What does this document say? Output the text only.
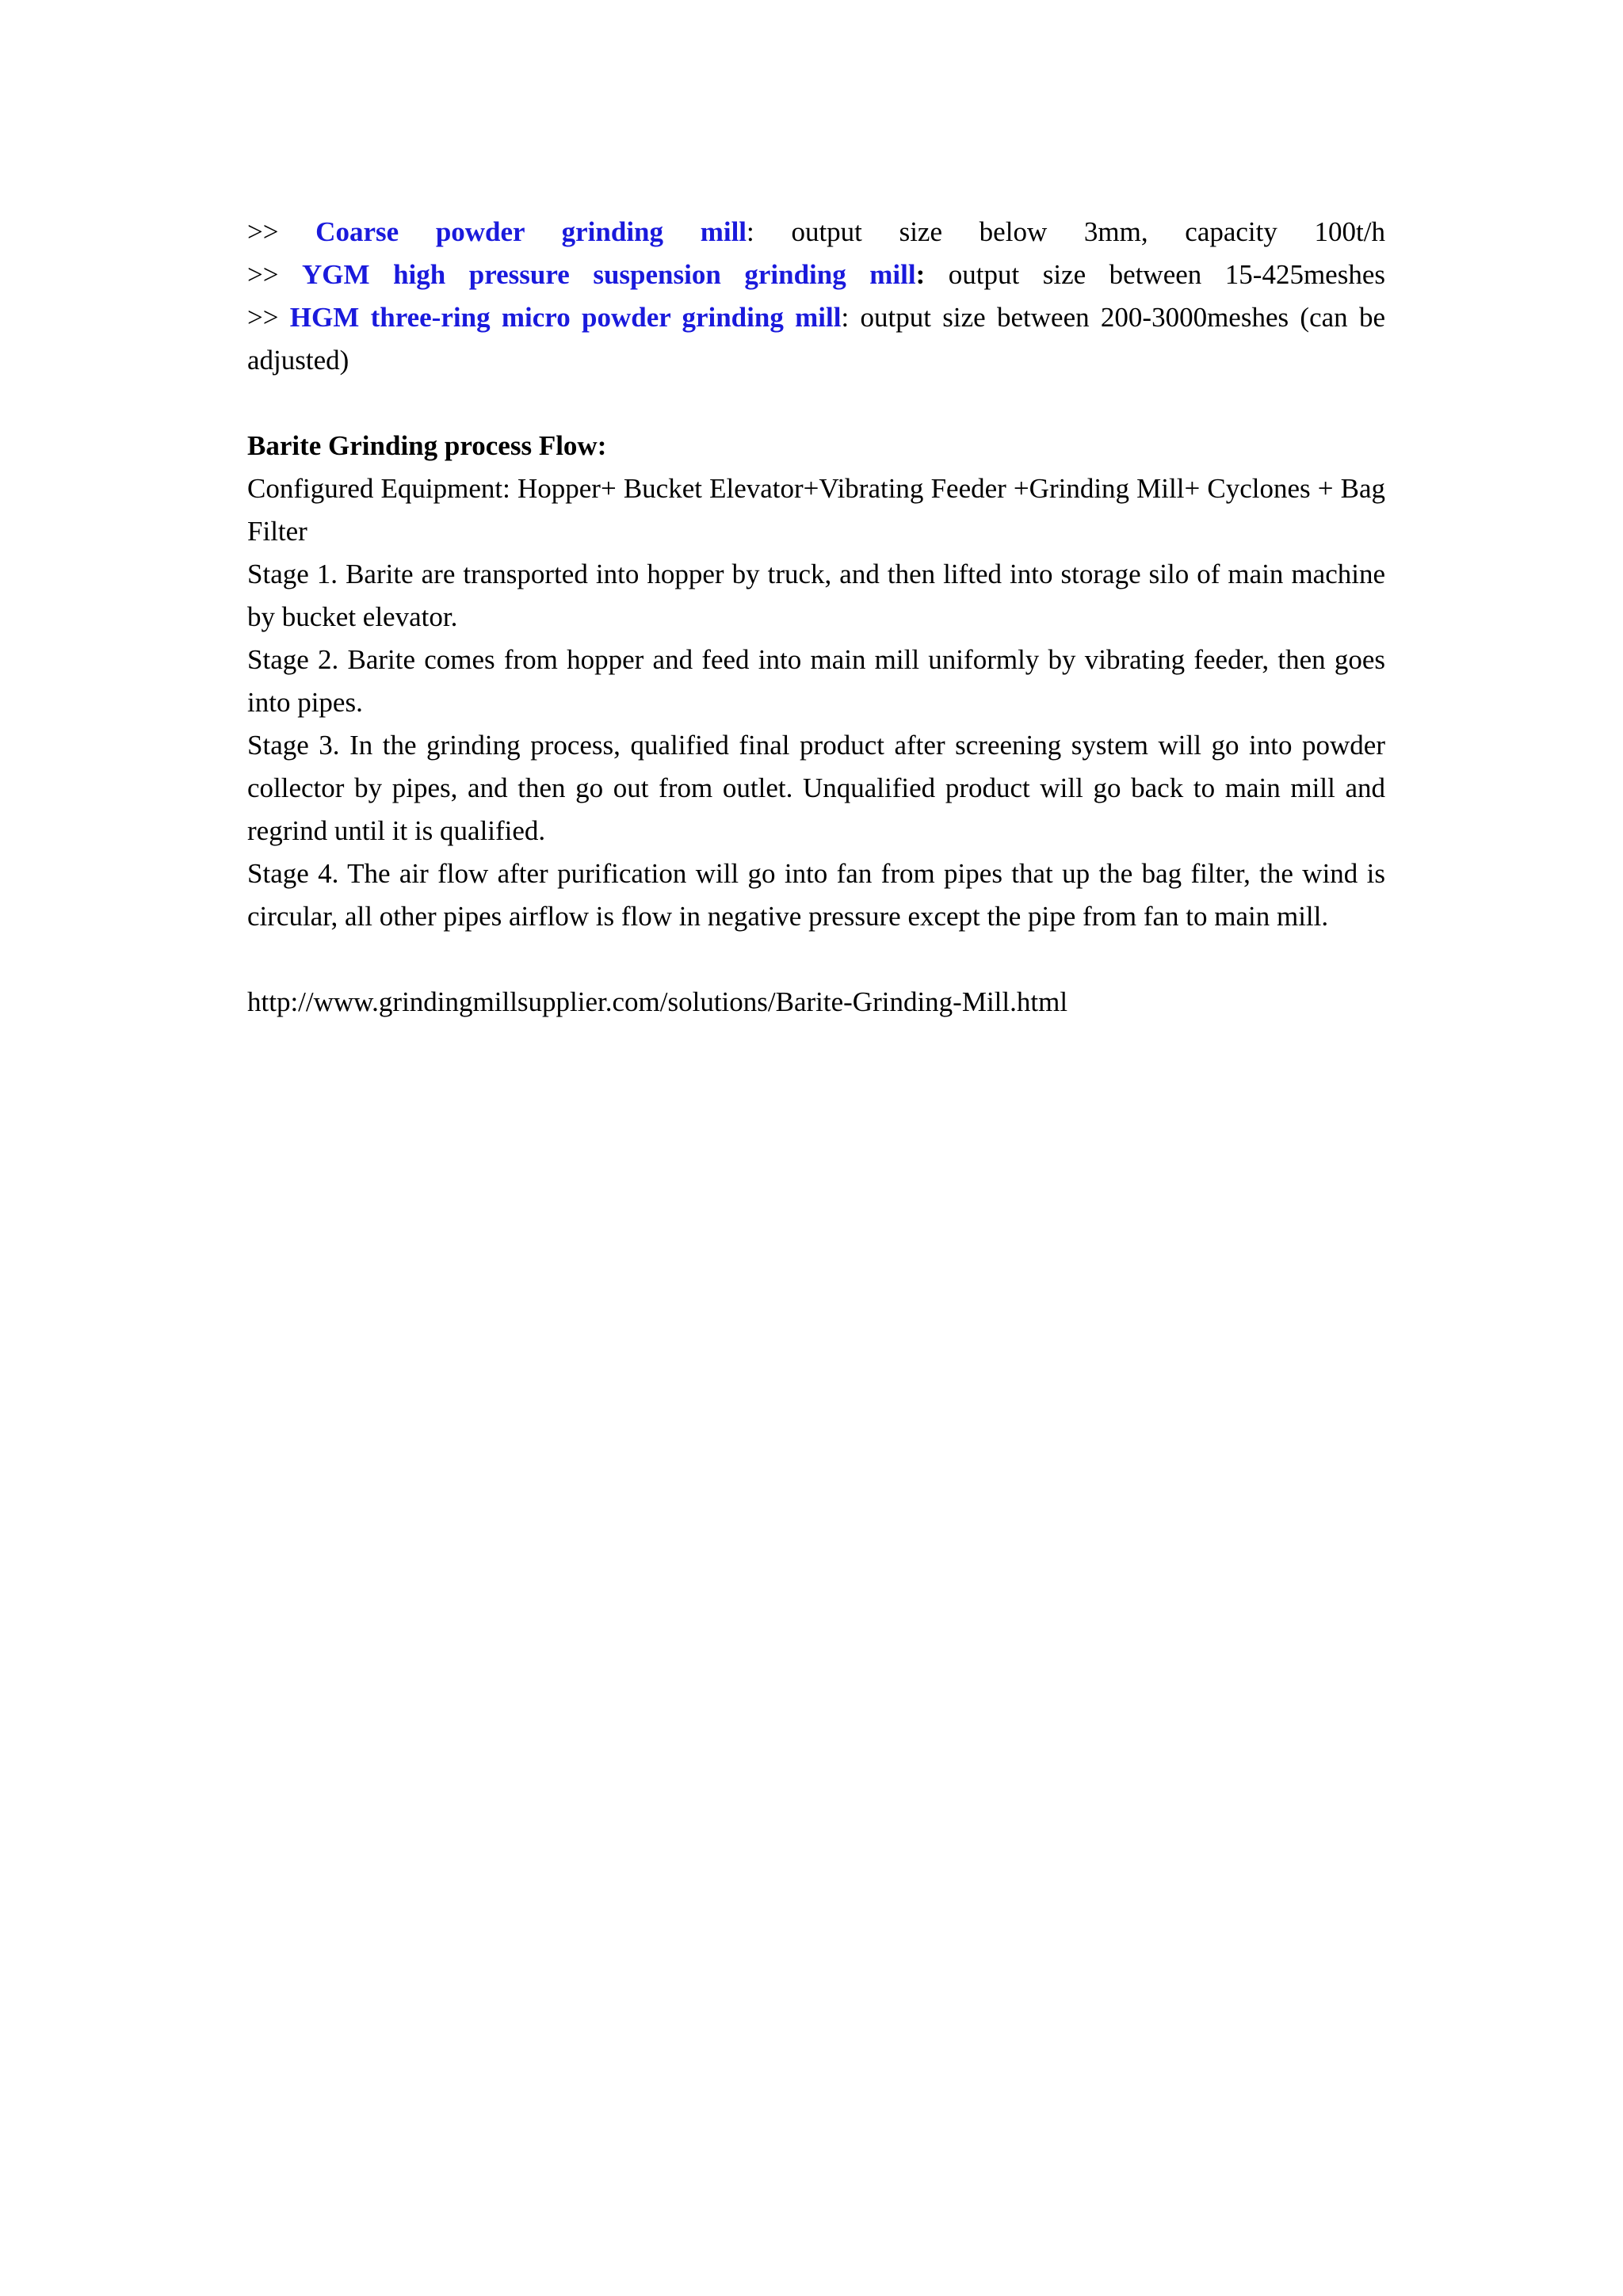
>> Coarse powder grinding mill: output size below 3mm, capacity 100t/h
>> YGM high pressure suspension grinding mill: output size between 15-425meshes
>> HGM three-ring micro powder grinding mill: output size between 200-3000meshes (can be adjusted)
Barite Grinding process Flow:
Configured Equipment: Hopper+ Bucket Elevator+Vibrating Feeder +Grinding Mill+ Cyclones + Bag Filter
Stage 1. Barite are transported into hopper by truck, and then lifted into storage silo of main machine by bucket elevator.
Stage 2. Barite comes from hopper and feed into main mill uniformly by vibrating feeder, then goes into pipes.
Stage 3. In the grinding process, qualified final product after screening system will go into powder collector by pipes, and then go out from outlet. Unqualified product will go back to main mill and regrind until it is qualified.
Stage 4. The air flow after purification will go into fan from pipes that up the bag filter, the wind is circular, all other pipes airflow is flow in negative pressure except the pipe from fan to main mill.
http://www.grindingmillsupplier.com/solutions/Barite-Grinding-Mill.html
